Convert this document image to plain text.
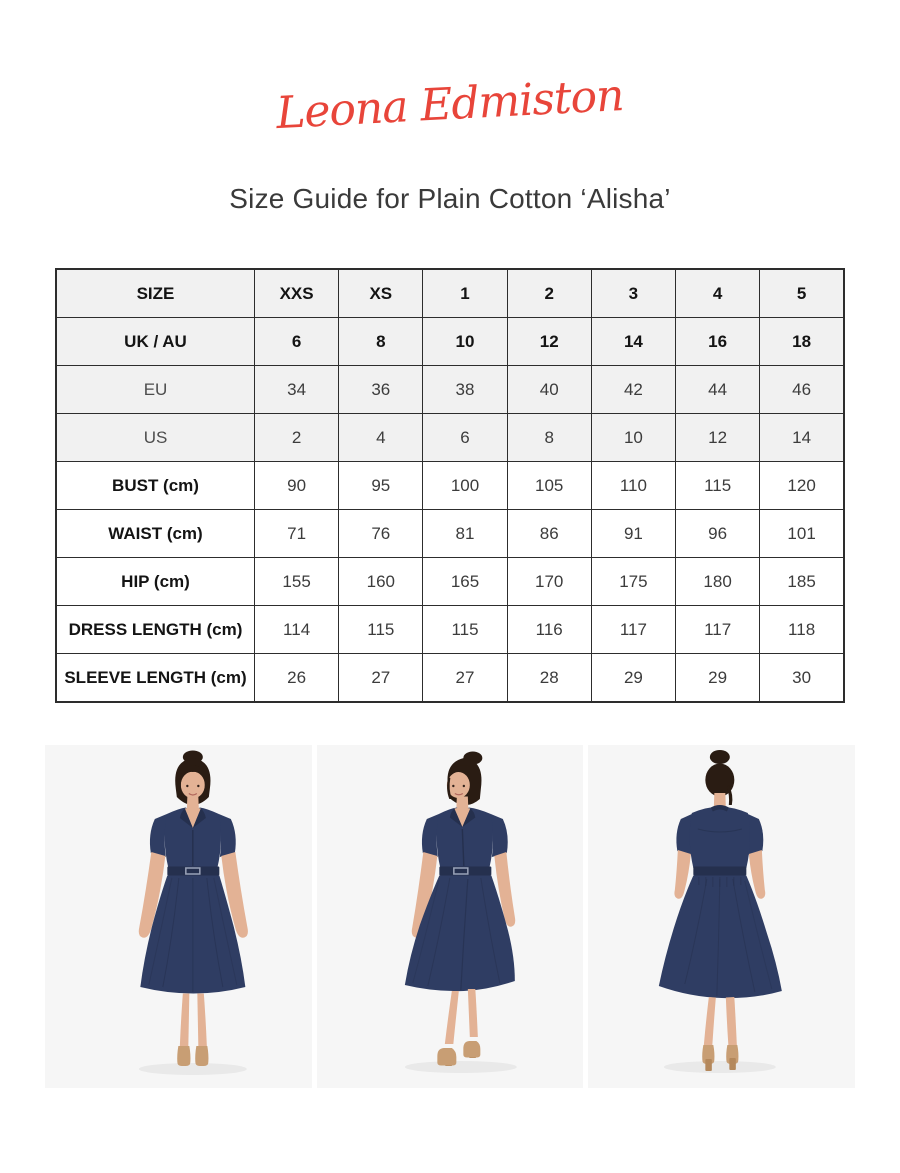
Leona Edmiston
Size Guide for Plain Cotton ‘Alisha’
SIZE	XXS	XS	1	2	3	4	5
UK / AU	6	8	10	12	14	16	18
EU	34	36	38	40	42	44	46
US	2	4	6	8	10	12	14
BUST (cm)	90	95	100	105	110	115	120
WAIST (cm)	71	76	81	86	91	96	101
HIP (cm)	155	160	165	170	175	180	185
DRESS LENGTH (cm)	114	115	115	116	117	117	118
SLEEVE LENGTH (cm)	26	27	27	28	29	29	30
